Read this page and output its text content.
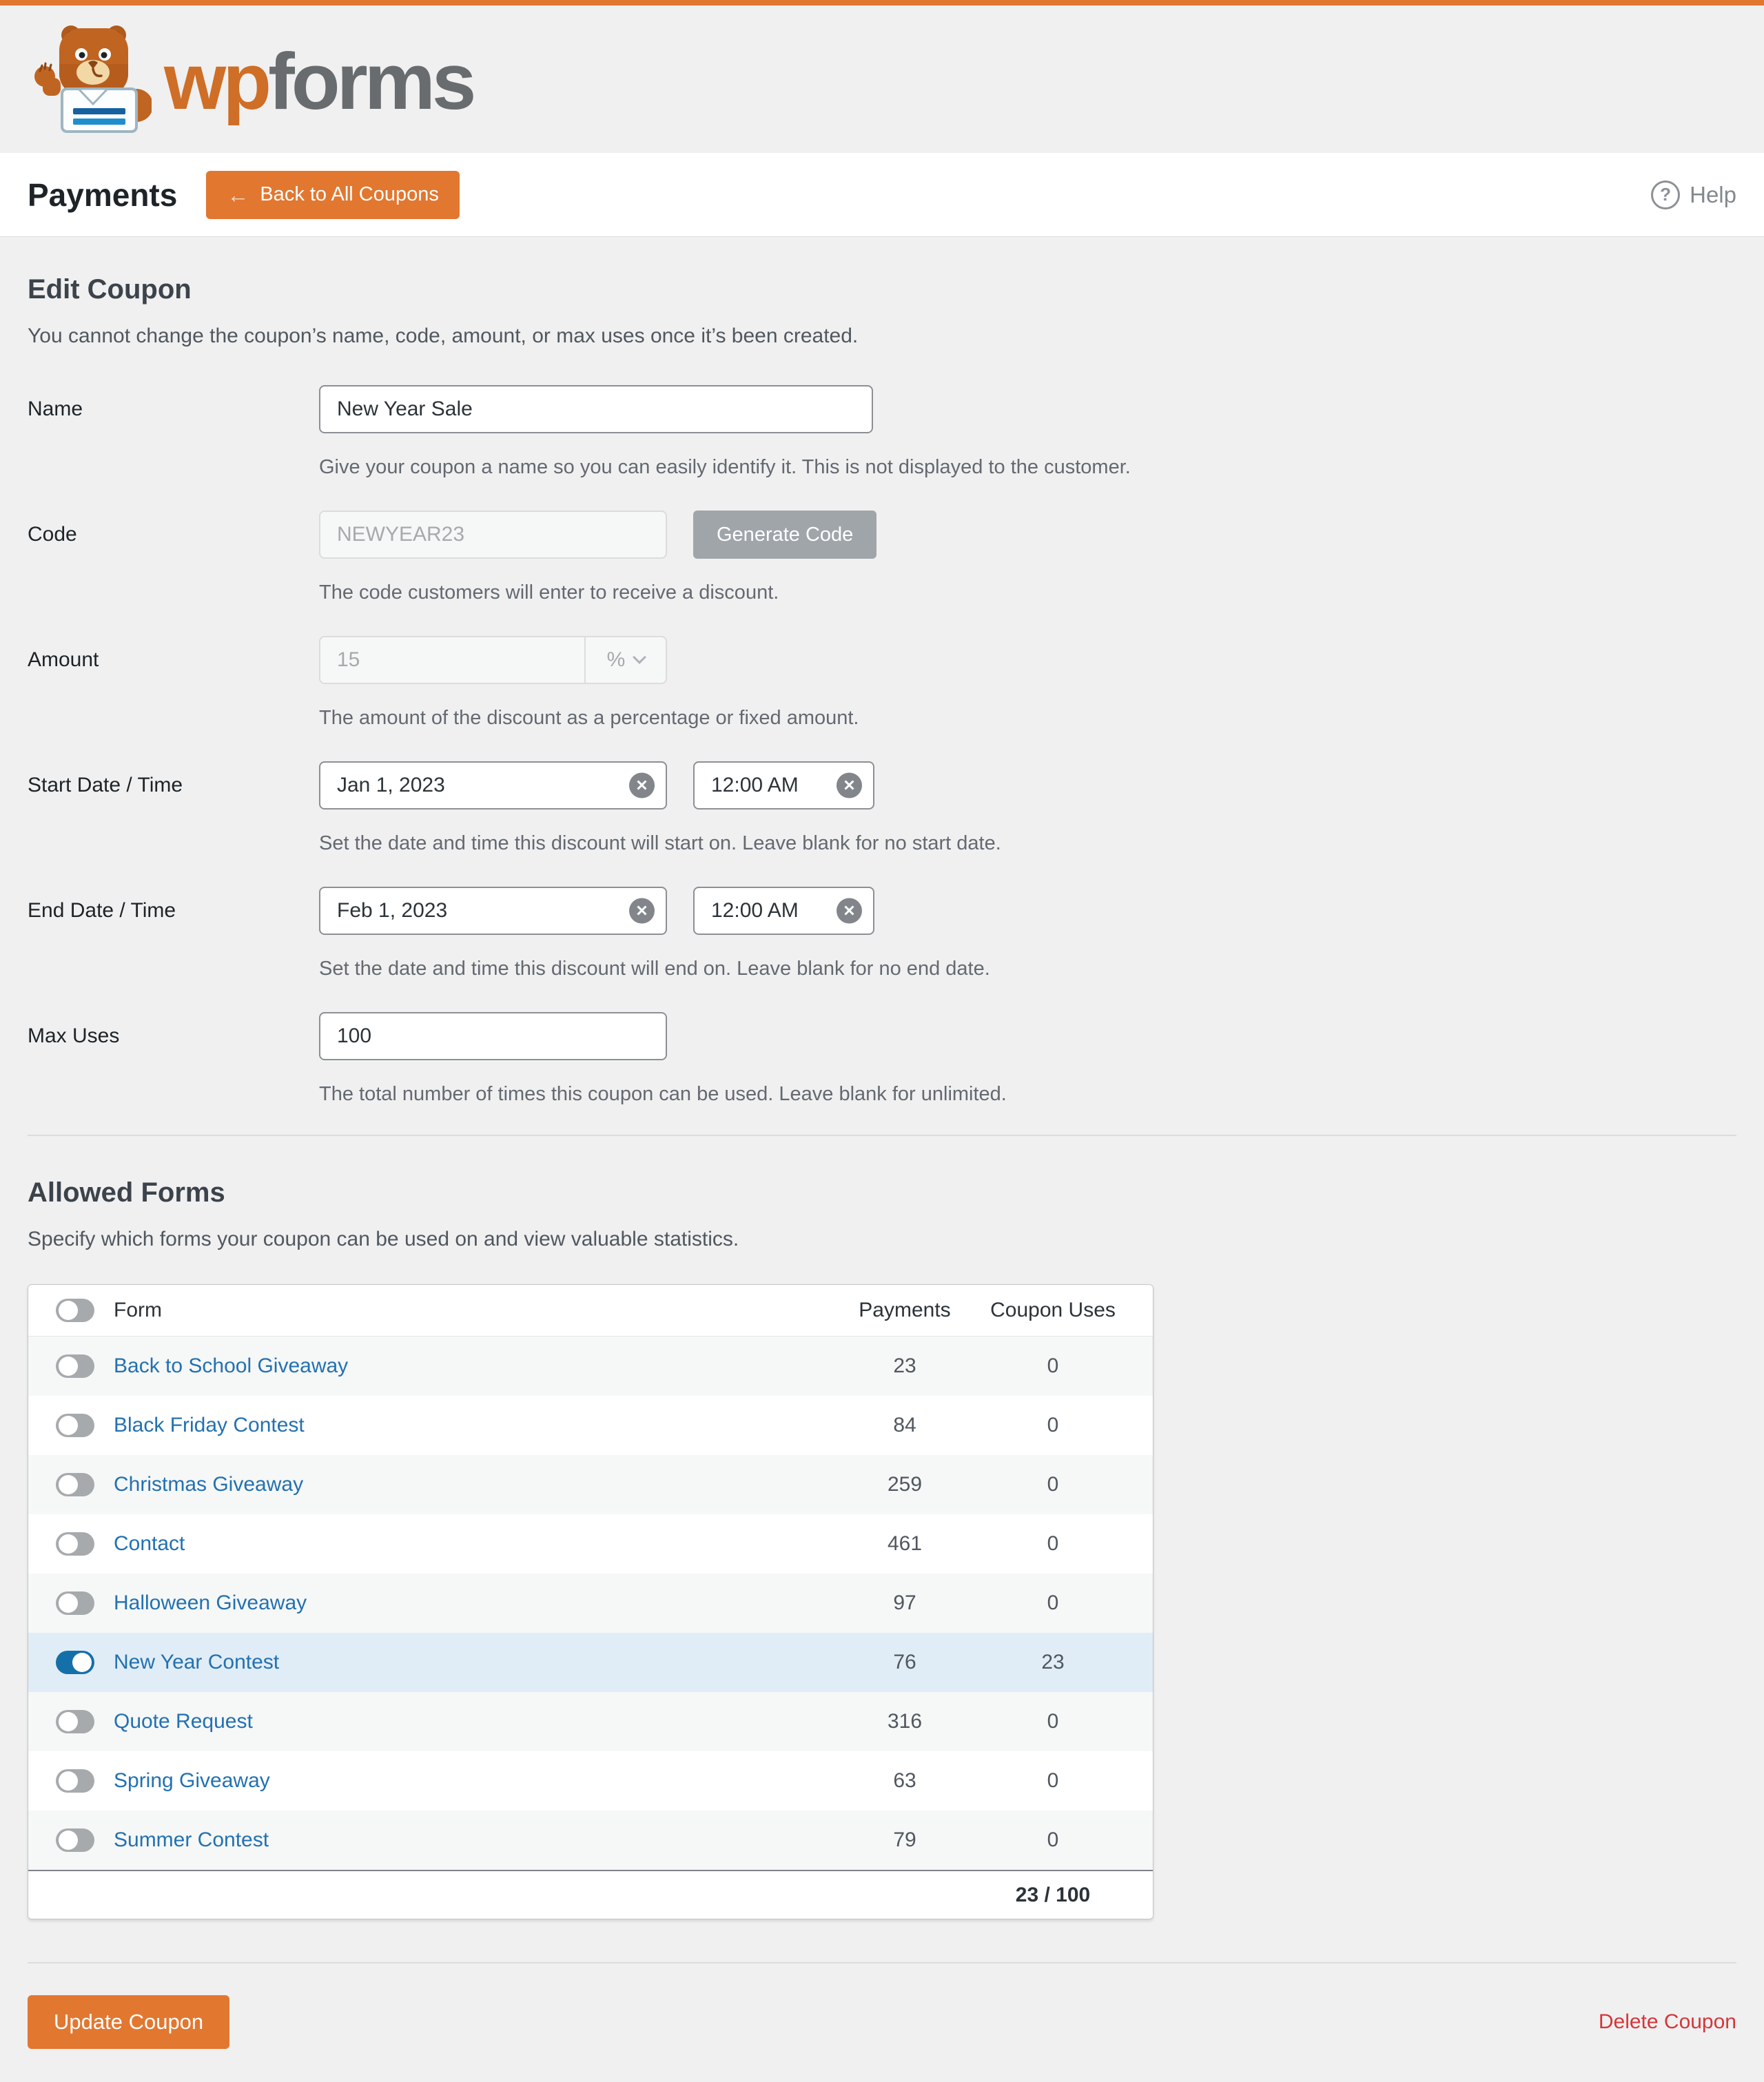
wpforms
Payments ← Back to All Coupons	? Help
Edit Coupon

You cannot change the coupon’s name, code, amount, or max uses once it’s been created.

Name
New Year Sale
Give your coupon a name so you can easily identify it. This is not displayed to the customer.
Code
NEWYEAR23	Generate Code
The code customers will enter to receive a discount.
Amount	15	%
The amount of the discount as a percentage or fixed amount.
Start Date / Time
Jan 1, 2023	✕
12:00 AM	✕
Set the date and time this discount will start on. Leave blank for no start date.
End Date / Time
Feb 1, 2023	✕
12:00 AM	✕
Set the date and time this discount will end on. Leave blank for no end date.
Max Uses
100
The total number of times this coupon can be used. Leave blank for unlimited.
Allowed Forms

Specify which forms your coupon can be used on and view valuable statistics.

Form	Payments	Coupon Uses
Back to School Giveaway	23	0
Black Friday Contest	84	0
Christmas Giveaway	259	0
Contact	461	0
Halloween Giveaway	97	0
New Year Contest	76	23
Quote Request	316	0
Spring Giveaway	63	0
Summer Contest	79	0
23 / 100
Update Coupon	Delete Coupon
